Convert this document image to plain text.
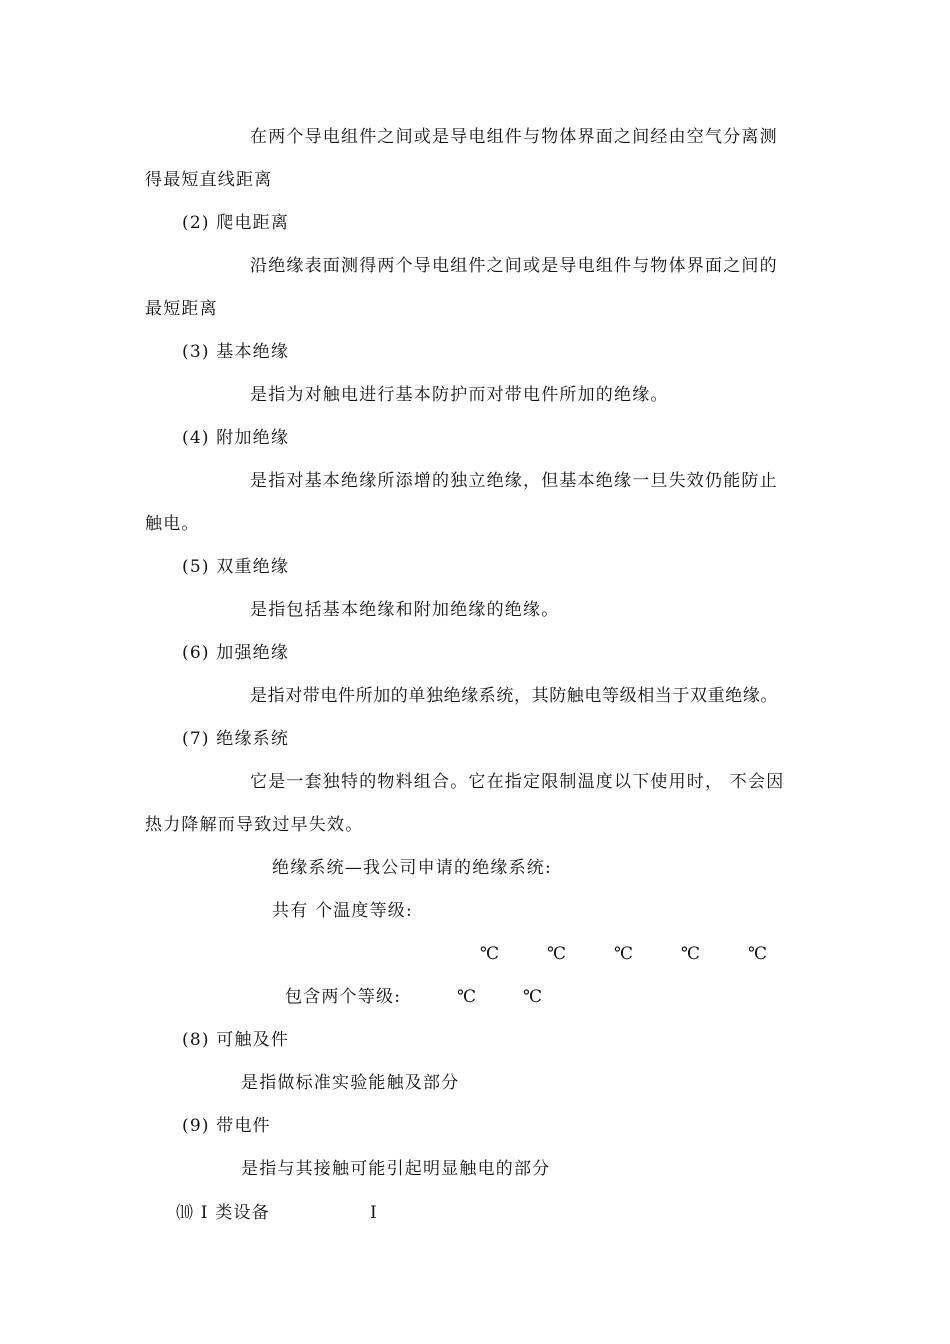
在两个导电组件之间或是导电组件与物体界面之间经由空气分离测
得最短直线距离
(2) 爬电距离
沿绝缘表面测得两个导电组件之间或是导电组件与物体界面之间的
最短距离
(3) 基本绝缘
是指为对触电进行基本防护而对带电件所加的绝缘。
(4) 附加绝缘
是指对基本绝缘所添增的独立绝缘，但基本绝缘一旦失效仍能防止
触电。
(5) 双重绝缘
是指包括基本绝缘和附加绝缘的绝缘。
(6) 加强绝缘
是指对带电件所加的单独绝缘系统，其防触电等级相当于双重绝缘。
(7) 绝缘系统
它是一套独特的物料组合。它在指定限制温度以下使用时， 不会因
热力降解而导致过早失效。
绝缘系统—我公司申请的绝缘系统:
共有 个温度等级:
℃	℃	℃	℃	℃
包含两个等级:	℃	℃
(8) 可触及件
是指做标准实验能触及部分
(9) 带电件
是指与其接触可能引起明显触电的部分
⑽ I 类设备	I
